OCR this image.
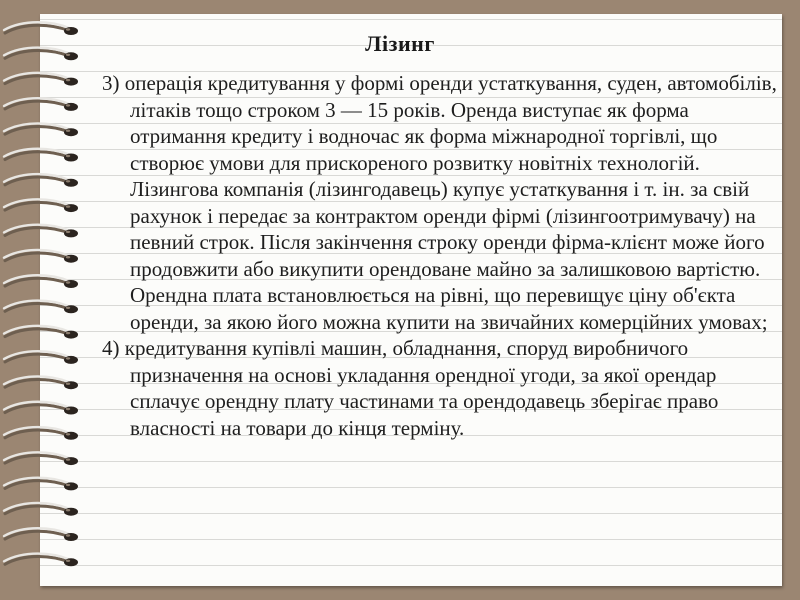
Лізинг

3) операція кредитування у формі оренди устаткування, суден, автомобілів, літаків тощо строком 3 — 15 років. Оренда виступає як форма отримання кредиту і водночас як форма міжнародної торгівлі, що створює умови для прискореного розвитку новітніх технологій. Лізингова компанія (лізингодавець) купує устаткування і т. ін. за свій рахунок і передає за контрактом оренди фірмі (лізингоотримувачу) на певний строк. Після закінчення строку оренди фірма-клієнт може його продовжити або викупити орендоване майно за залишковою вартістю. Орендна плата встановлюється на рівні, що перевищує ціну об'єкта оренди, за якою його можна купити на звичайних комерційних умовах;

4) кредитування купівлі машин, обладнання, споруд виробничого призначення на основі укладання орендної угоди, за якої орендар сплачує орендну плату частинами та орендодавець зберігає право власності на товари до кінця терміну.
